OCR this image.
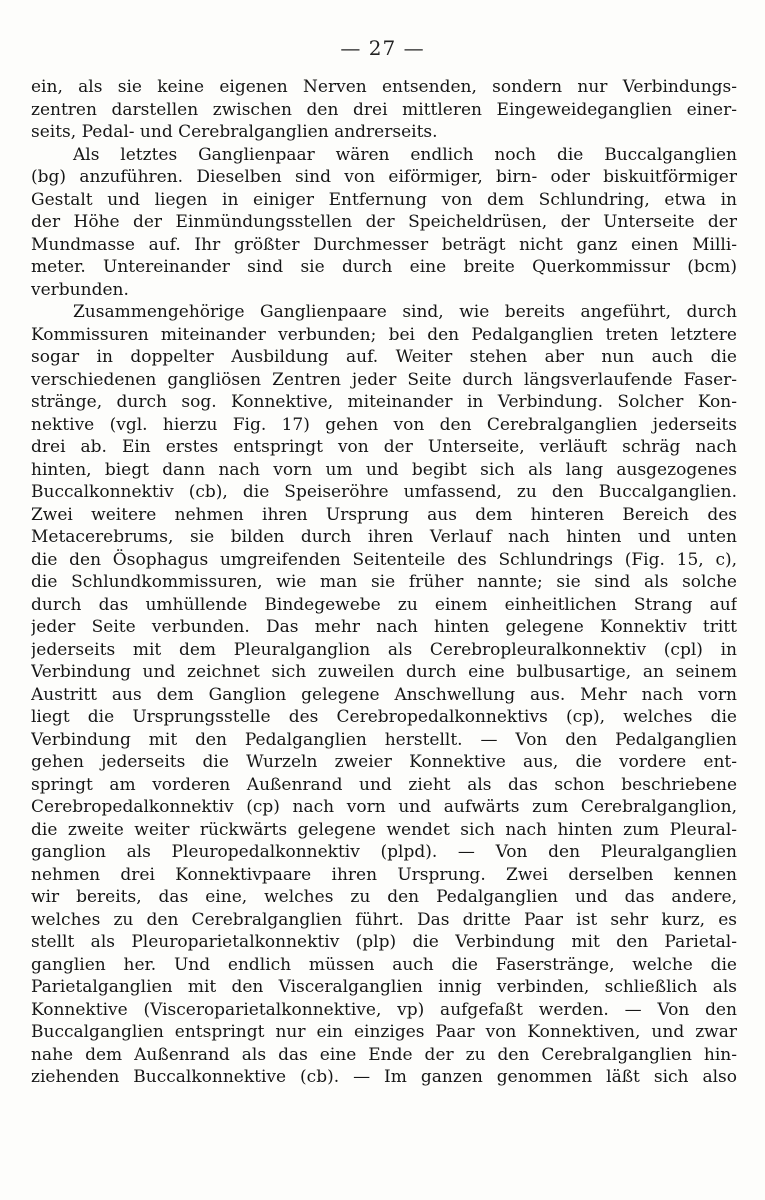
— 27 —
ein, als sie keine eigenen Nerven entsenden, sondern nur Verbindungs-
zentren darstellen zwischen den drei mittleren Eingeweideganglien einer-
seits, Pedal- und Cerebralganglien andrerseits.
Als letztes Ganglienpaar wären endlich noch die Buccalganglien
(bg) anzuführen. Dieselben sind von eiförmiger, birn- oder biskuitförmiger
Gestalt und liegen in einiger Entfernung von dem Schlundring, etwa in
der Höhe der Einmündungsstellen der Speicheldrüsen, der Unterseite der
Mundmasse auf. Ihr größter Durchmesser beträgt nicht ganz einen Milli-
meter. Untereinander sind sie durch eine breite Querkommissur (bcm)
verbunden.
Zusammengehörige Ganglienpaare sind, wie bereits angeführt, durch
Kommissuren miteinander verbunden; bei den Pedalganglien treten letztere
sogar in doppelter Ausbildung auf. Weiter stehen aber nun auch die
verschiedenen gangliösen Zentren jeder Seite durch längsverlaufende Faser-
stränge, durch sog. Konnektive, miteinander in Verbindung. Solcher Kon-
nektive (vgl. hierzu Fig. 17) gehen von den Cerebralganglien jederseits
drei ab. Ein erstes entspringt von der Unterseite, verläuft schräg nach
hinten, biegt dann nach vorn um und begibt sich als lang ausgezogenes
Buccalkonnektiv (cb), die Speiseröhre umfassend, zu den Buccalganglien.
Zwei weitere nehmen ihren Ursprung aus dem hinteren Bereich des
Metacerebrums, sie bilden durch ihren Verlauf nach hinten und unten
die den Ösophagus umgreifenden Seitenteile des Schlundrings (Fig. 15, c),
die Schlundkommissuren, wie man sie früher nannte; sie sind als solche
durch das umhüllende Bindegewebe zu einem einheitlichen Strang auf
jeder Seite verbunden. Das mehr nach hinten gelegene Konnektiv tritt
jederseits mit dem Pleuralganglion als Cerebropleuralkonnektiv (cpl) in
Verbindung und zeichnet sich zuweilen durch eine bulbusartige, an seinem
Austritt aus dem Ganglion gelegene Anschwellung aus. Mehr nach vorn
liegt die Ursprungsstelle des Cerebropedalkonnektivs (cp), welches die
Verbindung mit den Pedalganglien herstellt. — Von den Pedalganglien
gehen jederseits die Wurzeln zweier Konnektive aus, die vordere ent-
springt am vorderen Außenrand und zieht als das schon beschriebene
Cerebropedalkonnektiv (cp) nach vorn und aufwärts zum Cerebralganglion,
die zweite weiter rückwärts gelegene wendet sich nach hinten zum Pleural-
ganglion als Pleuropedalkonnektiv (plpd). — Von den Pleuralganglien
nehmen drei Konnektivpaare ihren Ursprung. Zwei derselben kennen
wir bereits, das eine, welches zu den Pedalganglien und das andere,
welches zu den Cerebralganglien führt. Das dritte Paar ist sehr kurz, es
stellt als Pleuroparietalkonnektiv (plp) die Verbindung mit den Parietal-
ganglien her. Und endlich müssen auch die Faserstränge, welche die
Parietalganglien mit den Visceralganglien innig verbinden, schließlich als
Konnektive (Visceroparietalkonnektive, vp) aufgefaßt werden. — Von den
Buccalganglien entspringt nur ein einziges Paar von Konnektiven, und zwar
nahe dem Außenrand als das eine Ende der zu den Cerebralganglien hin-
ziehenden Buccalkonnektive (cb). — Im ganzen genommen läßt sich also
